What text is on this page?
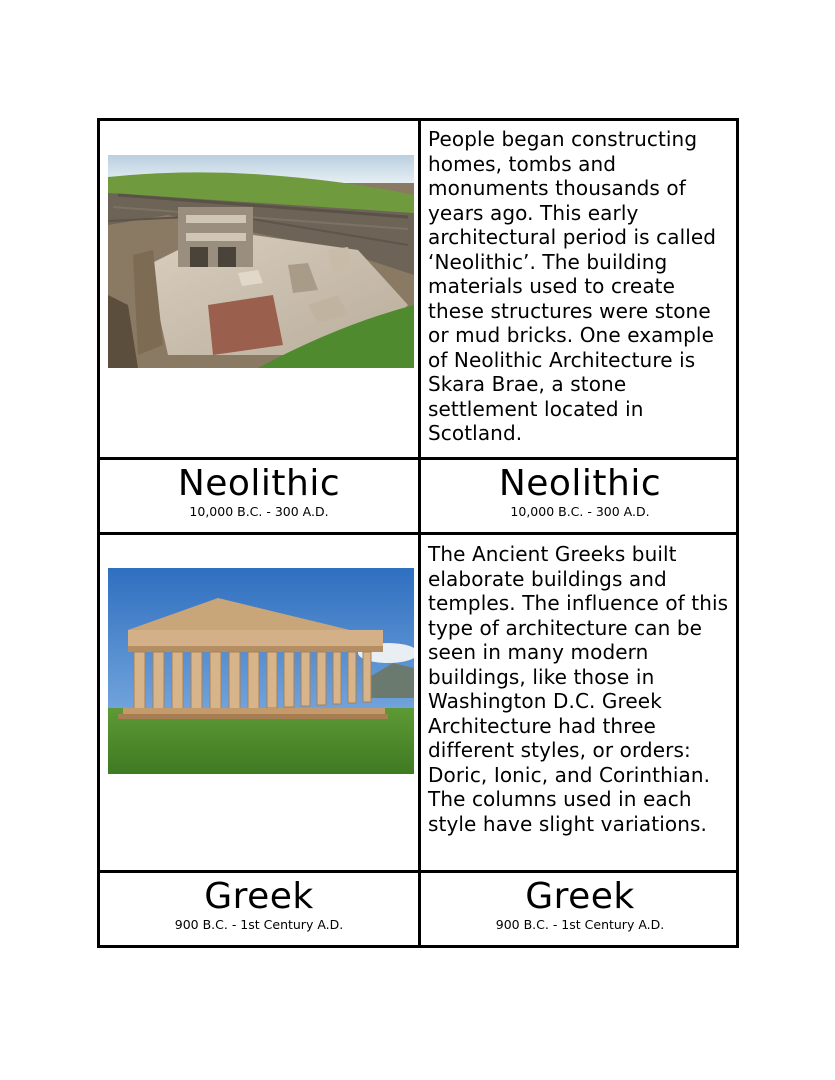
People began constructing homes, tombs and monuments thousands of years ago. This early architectural period is called ‘Neolithic’. The building materials used to create these structures were stone or mud bricks. One example of Neolithic Architecture is Skara Brae, a stone settlement located in Scotland.
Neolithic
10,000 B.C. - 300 A.D.
Neolithic
10,000 B.C. - 300 A.D.
The Ancient Greeks built elaborate buildings and temples. The influence of this type of architecture can be seen in many modern buildings, like those in Washington D.C. Greek Architecture had three different styles, or orders: Doric, Ionic, and Corinthian. The columns used in each style have slight variations.
Greek
900 B.C. - 1st Century A.D.
Greek
900 B.C. - 1st Century A.D.
